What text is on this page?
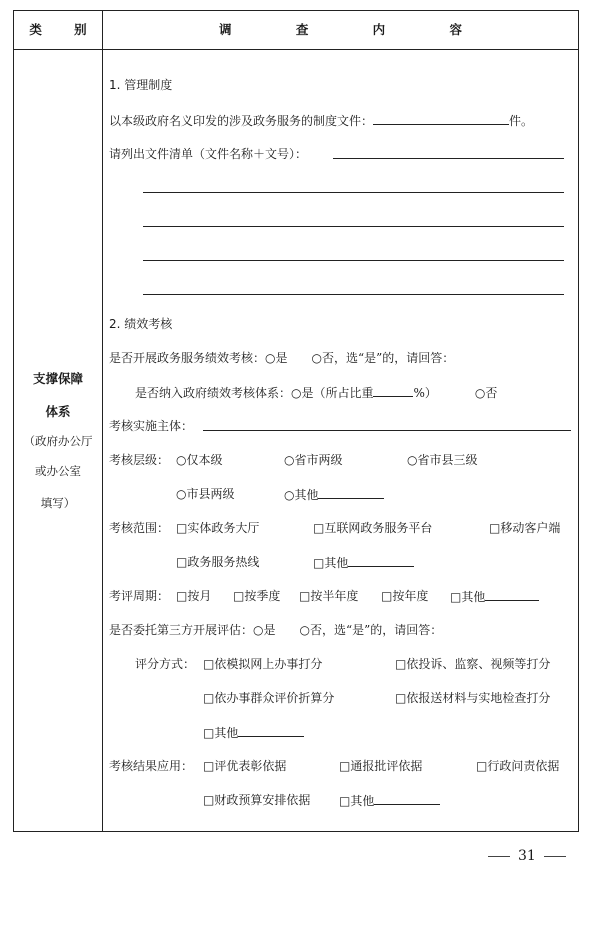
类 别	调 查 内 容
支撑保障
体系
（政府办公厅
或办公室
填写）
1. 管理制度
以本级政府名义印发的涉及政务服务的制度文件：	件。
请列出文件清单（文件名称＋文号）：
2. 绩效考核
是否开展政务服务绩效考核：○是　　○否，选“是”的，请回答：
是否纳入政府绩效考核体系：○是（所占比重	%）	○否
考核实施主体：
考核层级： ○仅本级	○省市两级	○省市县三级
○市县两级	○其他
考核范围： □实体政务大厅	□互联网政务服务平台	□移动客户端
□政务服务热线	□其他
考评周期： □按月 □按季度 □按半年度 □按年度 □其他
是否委托第三方开展评估：○是　　○否，选“是”的，请回答：
评分方式： □依模拟网上办事打分	□依投诉、监察、视频等打分
□依办事群众评价折算分	□依报送材料与实地检查打分
□其他
考核结果应用： □评优表彰依据	□通报批评依据	□行政问责依据
□财政预算安排依据 □其他
31
